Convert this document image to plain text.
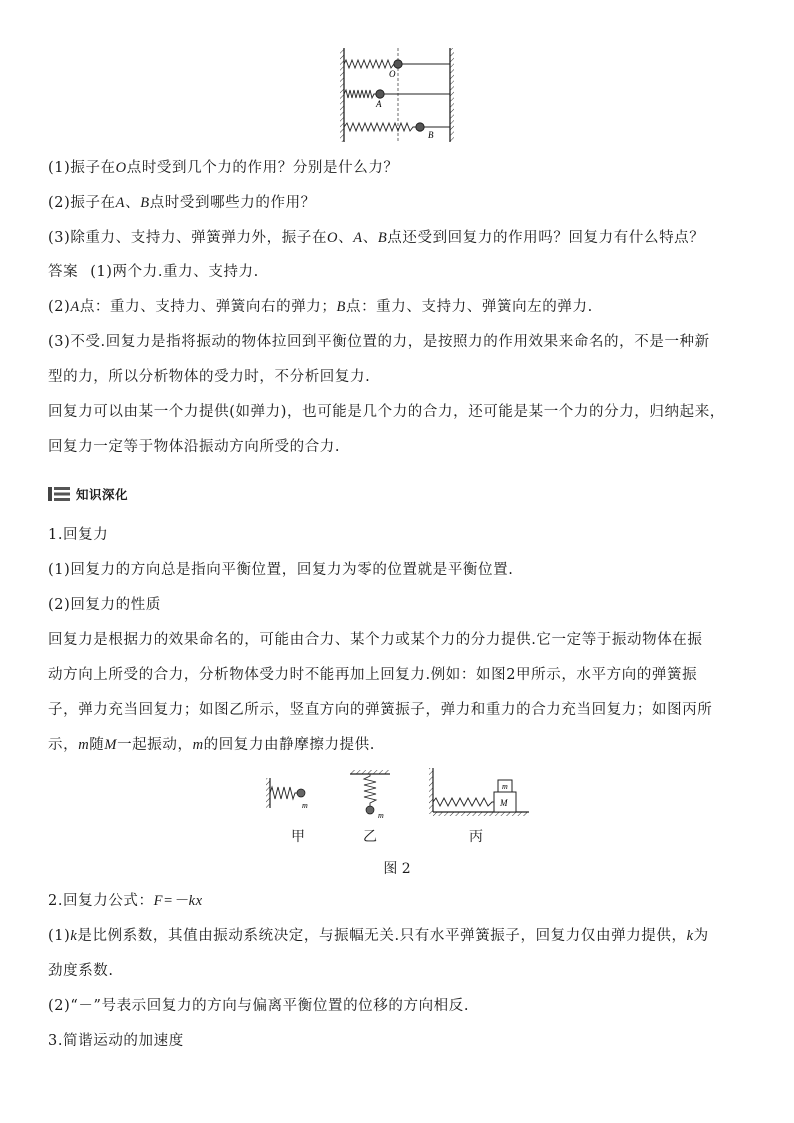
O
A
B
(1)振子在O点时受到几个力的作用？分别是什么力？
(2)振子在A、B点时受到哪些力的作用？
(3)除重力、支持力、弹簧弹力外，振子在O、A、B点还受到回复力的作用吗？回复力有什么特点？
答案 (1)两个力.重力、支持力.
(2)A点：重力、支持力、弹簧向右的弹力；B点：重力、支持力、弹簧向左的弹力.
(3)不受.回复力是指将振动的物体拉回到平衡位置的力，是按照力的作用效果来命名的，不是一种新
型的力，所以分析物体的受力时，不分析回复力.
回复力可以由某一个力提供(如弹力)，也可能是几个力的合力，还可能是某一个力的分力，归纳起来，
回复力一定等于物体沿振动方向所受的合力.
知识深化
1.回复力
(1)回复力的方向总是指向平衡位置，回复力为零的位置就是平衡位置.
(2)回复力的性质
回复力是根据力的效果命名的，可能由合力、某个力或某个力的分力提供.它一定等于振动物体在振
动方向上所受的合力，分析物体受力时不能再加上回复力.例如：如图2甲所示，水平方向的弹簧振
子，弹力充当回复力；如图乙所示，竖直方向的弹簧振子，弹力和重力的合力充当回复力；如图丙所
示，m随M一起振动，m的回复力由静摩擦力提供.
m
m
m
M
甲	乙	丙
图 2
2.回复力公式：F=－kx
(1)k是比例系数，其值由振动系统决定，与振幅无关.只有水平弹簧振子，回复力仅由弹力提供，k为
劲度系数.
(2)“－”号表示回复力的方向与偏离平衡位置的位移的方向相反.
3.简谐运动的加速度
